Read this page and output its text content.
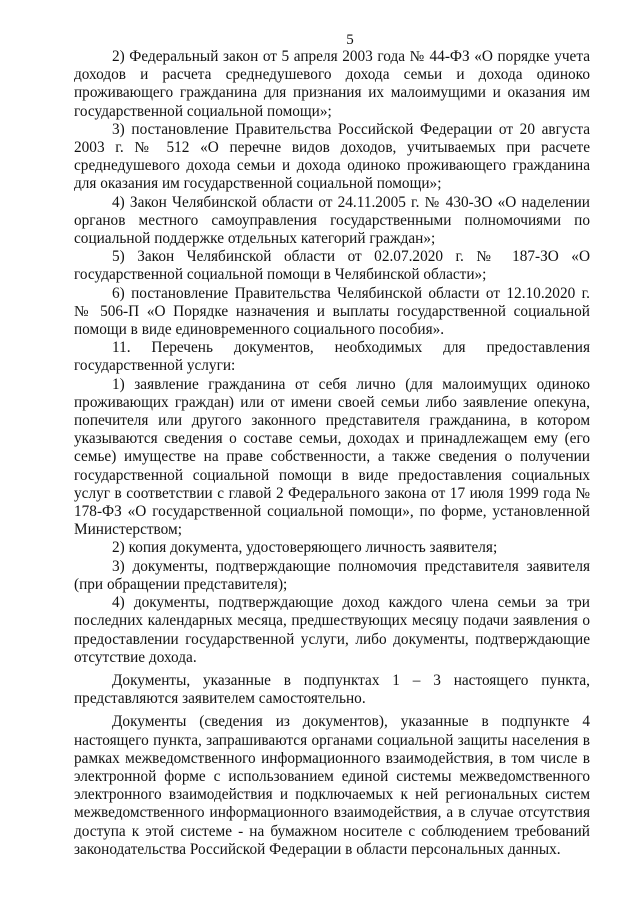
5

2) Федеральный закон от 5 апреля 2003 года № 44-ФЗ «О порядке учета доходов и расчета среднедушевого дохода семьи и дохода одиноко проживающего гражданина для признания их малоимущими и оказания им государственной социальной помощи»;

3) постановление Правительства Российской Федерации от 20 августа 2003 г. № 512 «О перечне видов доходов, учитываемых при расчете среднедушевого дохода семьи и дохода одиноко проживающего гражданина для оказания им государственной социальной помощи»;

4) Закон Челябинской области от 24.11.2005 г. № 430-ЗО «О наделении органов местного самоуправления государственными полномочиями по социальной поддержке отдельных категорий граждан»;

5) Закон Челябинской области от 02.07.2020 г. № 187-ЗО «О государственной социальной помощи в Челябинской области»;

6) постановление Правительства Челябинской области от 12.10.2020 г. № 506-П «О Порядке назначения и выплаты государственной социальной помощи в виде единовременного социального пособия».

11. Перечень документов, необходимых для предоставления государственной услуги:

1) заявление гражданина от себя лично (для малоимущих одиноко проживающих граждан) или от имени своей семьи либо заявление опекуна, попечителя или другого законного представителя гражданина, в котором указываются сведения о составе семьи, доходах и принадлежащем ему (его семье) имуществе на праве собственности, а также сведения о получении государственной социальной помощи в виде предоставления социальных услуг в соответствии с главой 2 Федерального закона от 17 июля 1999 года № 178-ФЗ «О государственной социальной помощи», по форме, установленной Министерством;

2) копия документа, удостоверяющего личность заявителя;

3) документы, подтверждающие полномочия представителя заявителя (при обращении представителя);

4) документы, подтверждающие доход каждого члена семьи за три последних календарных месяца, предшествующих месяцу подачи заявления о предоставлении государственной услуги, либо документы, подтверждающие отсутствие дохода.

Документы, указанные в подпунктах 1 – 3 настоящего пункта, представляются заявителем самостоятельно.

Документы (сведения из документов), указанные в подпункте 4 настоящего пункта, запрашиваются органами социальной защиты населения в рамках межведомственного информационного взаимодействия, в том числе в электронной форме с использованием единой системы межведомственного электронного взаимодействия и подключаемых к ней региональных систем межведомственного информационного взаимодействия, а в случае отсутствия доступа к этой системе - на бумажном носителе с соблюдением требований законодательства Российской Федерации в области персональных данных.
